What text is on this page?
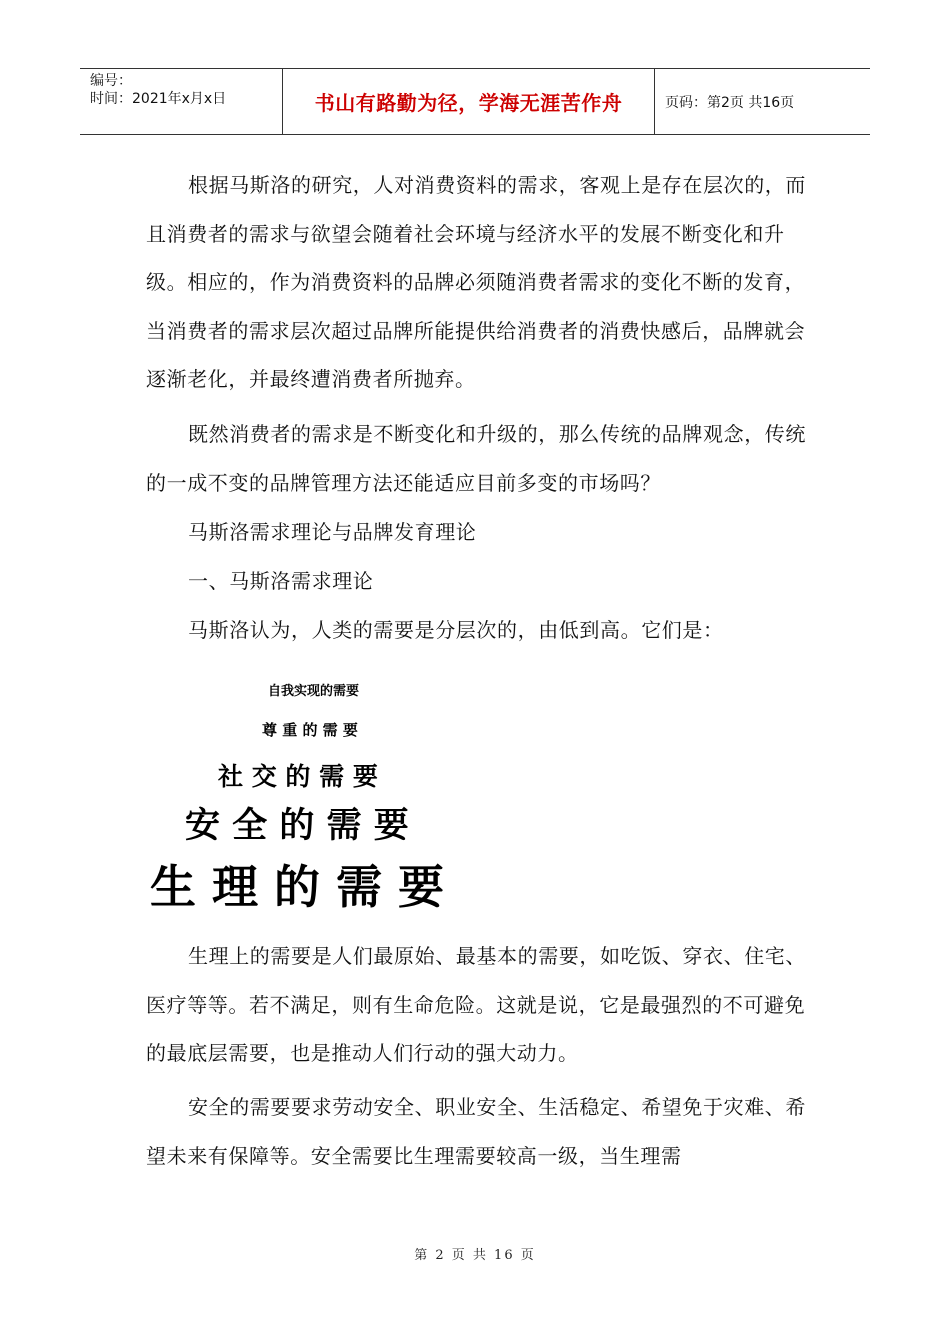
编号：
时间：2021年x月x日	书山有路勤为径，学海无涯苦作舟	页码：第2页 共16页

根据马斯洛的研究，人对消费资料的需求，客观上是存在层次的，而且消费者的需求与欲望会随着社会环境与经济水平的发展不断变化和升级。相应的，作为消费资料的品牌必须随消费者需求的变化不断的发育，当消费者的需求层次超过品牌所能提供给消费者的消费快感后，品牌就会逐渐老化，并最终遭消费者所抛弃。

既然消费者的需求是不断变化和升级的，那么传统的品牌观念，传统的一成不变的品牌管理方法还能适应目前多变的市场吗？

马斯洛需求理论与品牌发育理论

一、马斯洛需求理论

马斯洛认为，人类的需要是分层次的，由低到高。它们是：

自我实现的需要
尊 重 的 需 要
社 交 的 需 要
安 全 的 需 要
生 理 的 需 要

生理上的需要是人们最原始、最基本的需要，如吃饭、穿衣、住宅、医疗等等。若不满足，则有生命危险。这就是说，它是最强烈的不可避免的最底层需要，也是推动人们行动的强大动力。

安全的需要要求劳动安全、职业安全、生活稳定、希望免于灾难、希望未来有保障等。安全需要比生理需要较高一级，当生理需

第 2 页 共 16 页
